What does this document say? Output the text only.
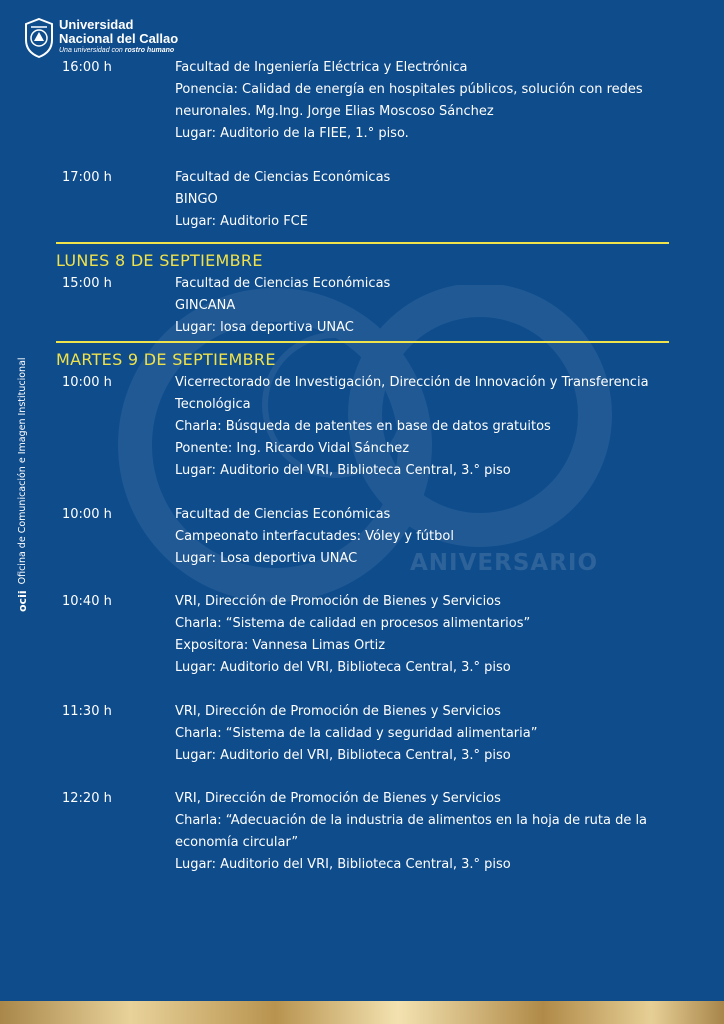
ANIVERSARIO
Universidad
Nacional del Callao
Una universidad con rostro humano
ocii
Oficina de Comunicación e Imagen Institucional
16:00 h	Facultad de Ingeniería Eléctrica y Electrónica
Ponencia: Calidad de energía en hospitales públicos, solución con redes
neuronales. Mg.Ing. Jorge Elias Moscoso Sánchez
Lugar: Auditorio de la FIEE, 1.° piso.
17:00 h	Facultad de Ciencias Económicas
BINGO
Lugar: Auditorio FCE
LUNES 8 DE SEPTIEMBRE
15:00 h	Facultad de Ciencias Económicas
GINCANA
Lugar: losa deportiva UNAC
MARTES 9 DE SEPTIEMBRE
10:00 h	Vicerrectorado de Investigación, Dirección de Innovación y Transferencia
Tecnológica
Charla: Búsqueda de patentes en base de datos gratuitos
Ponente: Ing. Ricardo Vidal Sánchez
Lugar: Auditorio del VRI, Biblioteca Central, 3.° piso
10:00 h	Facultad de Ciencias Económicas
Campeonato interfacutades: Vóley y fútbol
Lugar: Losa deportiva UNAC
10:40 h	VRI, Dirección de Promoción de Bienes y Servicios
Charla: “Sistema de calidad en procesos alimentarios”
Expositora: Vannesa Limas Ortiz
Lugar: Auditorio del VRI, Biblioteca Central, 3.° piso
11:30 h	VRI, Dirección de Promoción de Bienes y Servicios
Charla: “Sistema de la calidad y seguridad alimentaria”
Lugar: Auditorio del VRI, Biblioteca Central, 3.° piso
12:20 h	VRI, Dirección de Promoción de Bienes y Servicios
Charla: “Adecuación de la industria de alimentos en la hoja de ruta de la
economía circular”
Lugar: Auditorio del VRI, Biblioteca Central, 3.° piso
